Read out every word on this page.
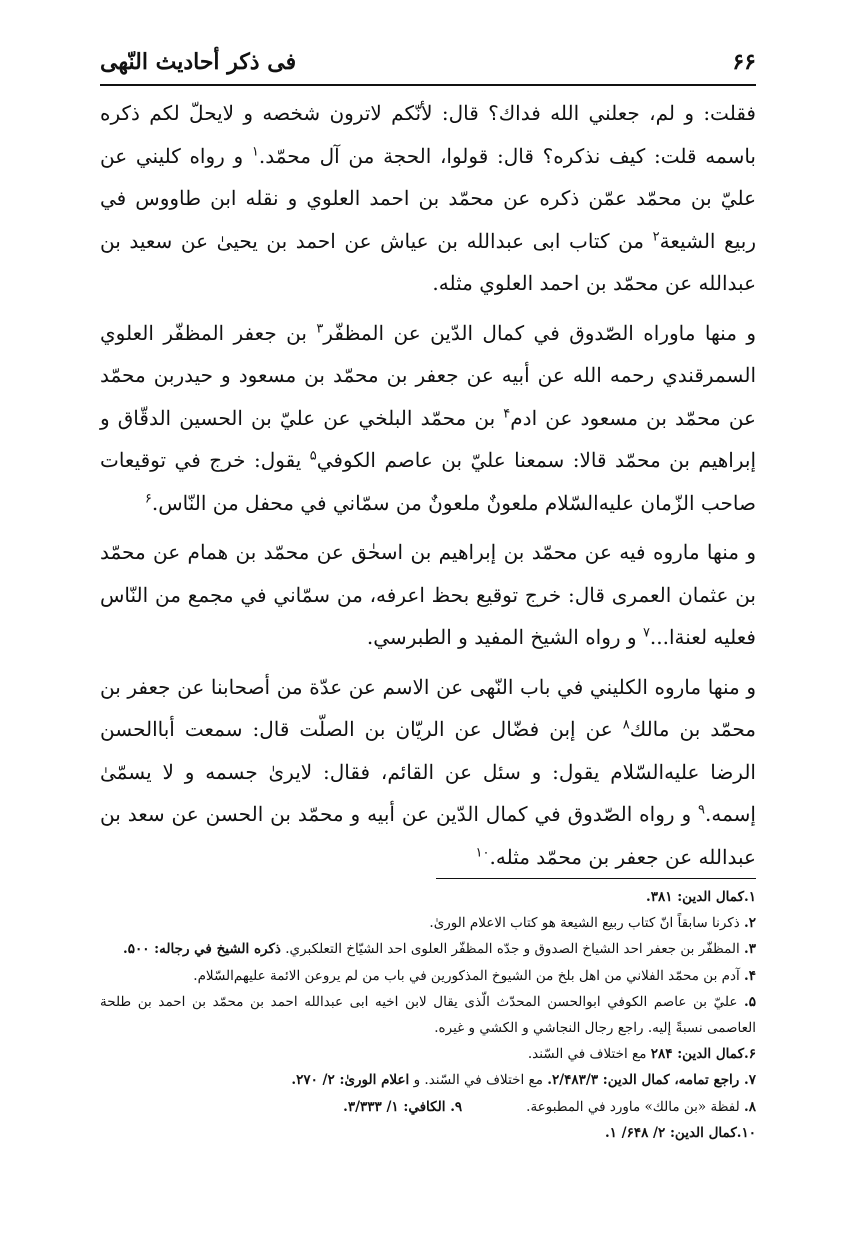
۶۶
فى ذكر أحاديث النّهى

فقلت: و لم، جعلني الله فداك؟ قال: لأنّكم لاترون شخصه و لايحلّ لكم ذكره باسمه قلت: كيف نذكره؟ قال: قولوا، الحجة من آل محمّد.$^۱$ و رواه كليني عن عليّ بن محمّد عمّن ذكره عن محمّد بن احمد العلوي و نقله ابن طاووس في ربيع الشيعة$^۲$ من كتاب ابى عبدالله بن عياش عن احمد بن يحيىٰ عن سعيد بن عبدالله عن محمّد بن احمد العلوي مثله.

و منها ماوراه الصّدوق في كمال الدّين عن المظفّر$^۳$ بن جعفر المظفّر العلوي السمرقندي رحمه الله عن أبيه عن جعفر بن محمّد بن مسعود و حيدربن محمّد عن محمّد بن مسعود عن ادم$^۴$ بن محمّد البلخي عن عليّ بن الحسين الدقّاق و إبراهيم بن محمّد قالا: سمعنا عليّ بن عاصم الكوفي$^۵$ يقول: خرج في توقيعات صاحب الزّمان عليه‌السّلام ملعونٌ ملعونٌ من سمّاني في محفل من النّاس.$^۶$

و منها ماروه فيه عن محمّد بن إبراهيم بن اسحٰق عن محمّد بن همام عن محمّد بن عثمان العمرى قال: خرج توقيع بحظ اعرفه، من سمّاني في مجمع من النّاس فعليه لعنةا...$^۷$ و رواه الشيخ المفيد و الطبرسي.

و منها ماروه الكليني في باب النّهى عن الاسم عن عدّة من أصحابنا عن جعفر بن محمّد بن مالك$^۸$ عن إبن فضّال عن الريّان بن الصلّت قال: سمعت أباالحسن الرضا عليه‌السّلام يقول: و سئل عن القائم، فقال: لايرىٰ جسمه و لا يسمّىٰ إسمه.$^۹$ و رواه الصّدوق في كمال الدّين عن أبيه و محمّد بن الحسن عن سعد بن عبدالله عن جعفر بن محمّد مثله.$^{۱۰}$

۱.كمال الدين: ۳۸۱.
۲. ذكرنا سابقاً انّ كتاب ربيع الشيعة هو كتاب الاعلام الورىٰ.
۳. المظفّر بن جعفر احد الشياخ الصدوق و جدّه المظفّر العلوى احد الشيّاخ التعلكبري. ذكره الشيخ في رجاله: ۵۰۰.
۴. آدم بن محمّد الفلاني من اهل بلخ من الشيوخ المذكورين في باب من لم يروعن الائمة عليهم‌السّلام.
۵. عليّ بن عاصم الكوفي ابوالحسن المحدّث الّذى يقال لابن اخيه ابى عبدالله احمد بن محمّد بن احمد بن طلحة العاصمى نسبةً إليه. راجع رجال النجاشي و الكشي و غيره.
۶.كمال الدين: ۲۸۴ مع اختلاف في السّند.
۷. راجع تمامه، كمال الدين: ۲/۴۸۳/۳. مع اختلاف في السّند. و اعلام الورىٰ: ۲/ ۲۷۰.
۸. لفظة «بن مالك» ماورد في المطبوعة.
۹. الكافي: ۱/ ۳/۳۳۳.
۱۰.كمال الدين: ۲/ ۶۴۸/ ۱.
